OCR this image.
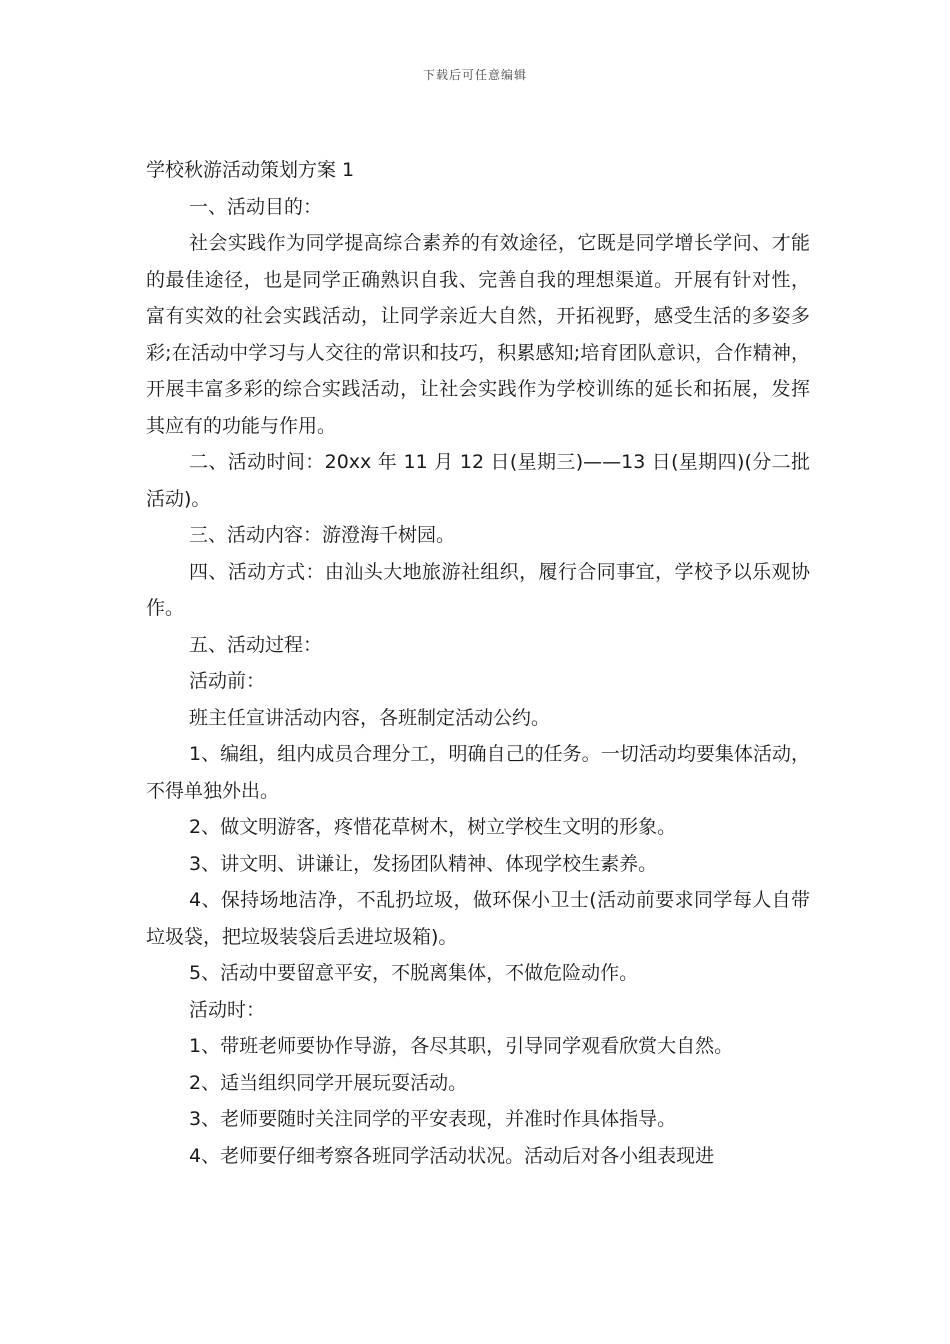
下载后可任意编辑
学校秋游活动策划方案 1

一、活动目的：

社会实践作为同学提高综合素养的有效途径，它既是同学增长学问、才能的最佳途径，也是同学正确熟识自我、完善自我的理想渠道。开展有针对性，富有实效的社会实践活动，让同学亲近大自然，开拓视野，感受生活的多姿多彩;在活动中学习与人交往的常识和技巧，积累感知;培育团队意识，合作精神，开展丰富多彩的综合实践活动，让社会实践作为学校训练的延长和拓展，发挥其应有的功能与作用。

二、活动时间：20xx 年 11 月 12 日(星期三)——13 日(星期四)(分二批活动)。

三、活动内容：游澄海千树园。

四、活动方式：由汕头大地旅游社组织，履行合同事宜，学校予以乐观协作。

五、活动过程：

活动前：

班主任宣讲活动内容，各班制定活动公约。

1、编组，组内成员合理分工，明确自己的任务。一切活动均要集体活动，不得单独外出。

2、做文明游客，疼惜花草树木，树立学校生文明的形象。

3、讲文明、讲谦让，发扬团队精神、体现学校生素养。

4、保持场地洁净，不乱扔垃圾，做环保小卫士(活动前要求同学每人自带垃圾袋，把垃圾装袋后丢进垃圾箱)。

5、活动中要留意平安，不脱离集体，不做危险动作。

活动时：

1、带班老师要协作导游，各尽其职，引导同学观看欣赏大自然。

2、适当组织同学开展玩耍活动。

3、老师要随时关注同学的平安表现，并准时作具体指导。

4、老师要仔细考察各班同学活动状况。活动后对各小组表现进
